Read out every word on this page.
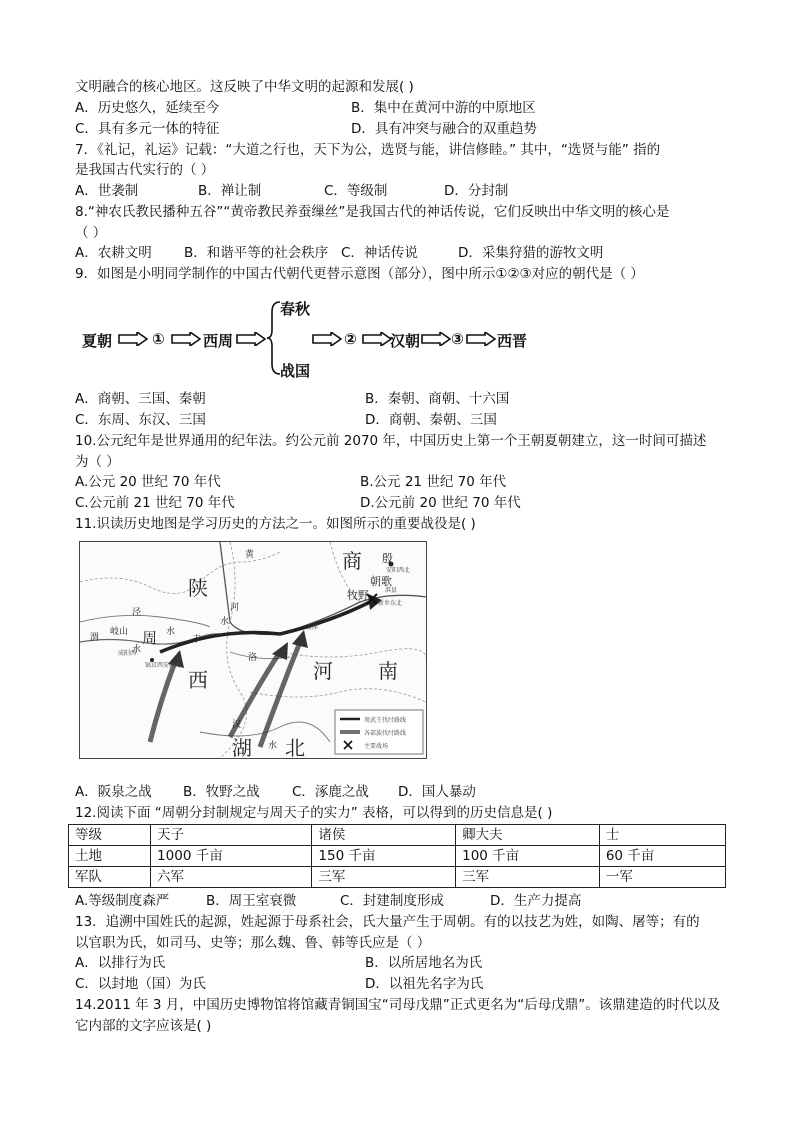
文明融合的核心地区。这反映了中华文明的起源和发展( )
A．历史悠久，延续至今	B．集中在黄河中游的中原地区
C．具有多元一体的特征	D．具有冲突与融合的双重趋势
7．《礼记，礼运》记载：“大道之行也，天下为公，选贤与能，讲信修睦。” 其中，“选贤与能” 指的
是我国古代实行的（ ）
A．世袭制	B．禅让制	C．等级制	D．分封制
8.“神农氏教民播种五谷”“黄帝教民养蚕缫丝”是我国古代的神话传说，它们反映出中华文明的核心是
（ ）
A．农耕文明 B．和谐平等的社会秩序 C．神话传说	D．采集狩猎的游牧文明
9．如图是小明同学制作的中国古代朝代更替示意图（部分），图中所示①②③对应的朝代是（ ）
夏朝	①	西周
春秋
战国
② 汉朝 ③ 西晋
A．商朝、三国、秦朝	B．秦朝、商朝、十六国
C．东周、东汉、三国	D．商朝、秦朝、三国
10.公元纪年是世界通用的纪年法。约公元前 2070 年，中国历史上第一个王朝夏朝建立，这一时间可描述
为（ ）
A.公元 20 世纪 70 年代	B.公元 21 世纪 70 年代
C.公元前 21 世纪 70 年代	D.公元前 20 世纪 70 年代
11.识读历史地图是学习历史的方法之一。如图所示的重要战役是( )
商 殷
安阳西北
朝歌
淇县
牧野
新乡东北
陕
西	河 南
湖 北
周
岐山
渭
泾
水
水
水
水
镐京西安西南
成阳西
丰
黄
河
洛
汉
孟津
周武王伐纣路线
各部族伐纣路线
主要战场
A．阪泉之战 B．牧野之战 C．涿鹿之战 D．国人暴动
12.阅读下面 “周朝分封制规定与周天子的实力” 表格，可以得到的历史信息是( )
等级	天子	诸侯	卿大夫	士
土地	1000 千亩	150 千亩	100 千亩	60 千亩
军队	六军	三军	三军	一军
A.等级制度森严	B．周王室衰微	C．封建制度形成	D．生产力提高
13．追溯中国姓氏的起源，姓起源于母系社会，氏大量产生于周朝。有的以技艺为姓，如陶、屠等；有的
以官职为氏，如司马、史等；那么魏、鲁、韩等氏应是（ ）
A．以排行为氏	B．以所居地名为氏
C．以封地（国）为氏	D．以祖先名字为氏
14.2011 年 3 月，中国历史博物馆将馆藏青铜国宝“司母戊鼎”正式更名为“后母戊鼎”。该鼎建造的时代以及
它内部的文字应该是( )
